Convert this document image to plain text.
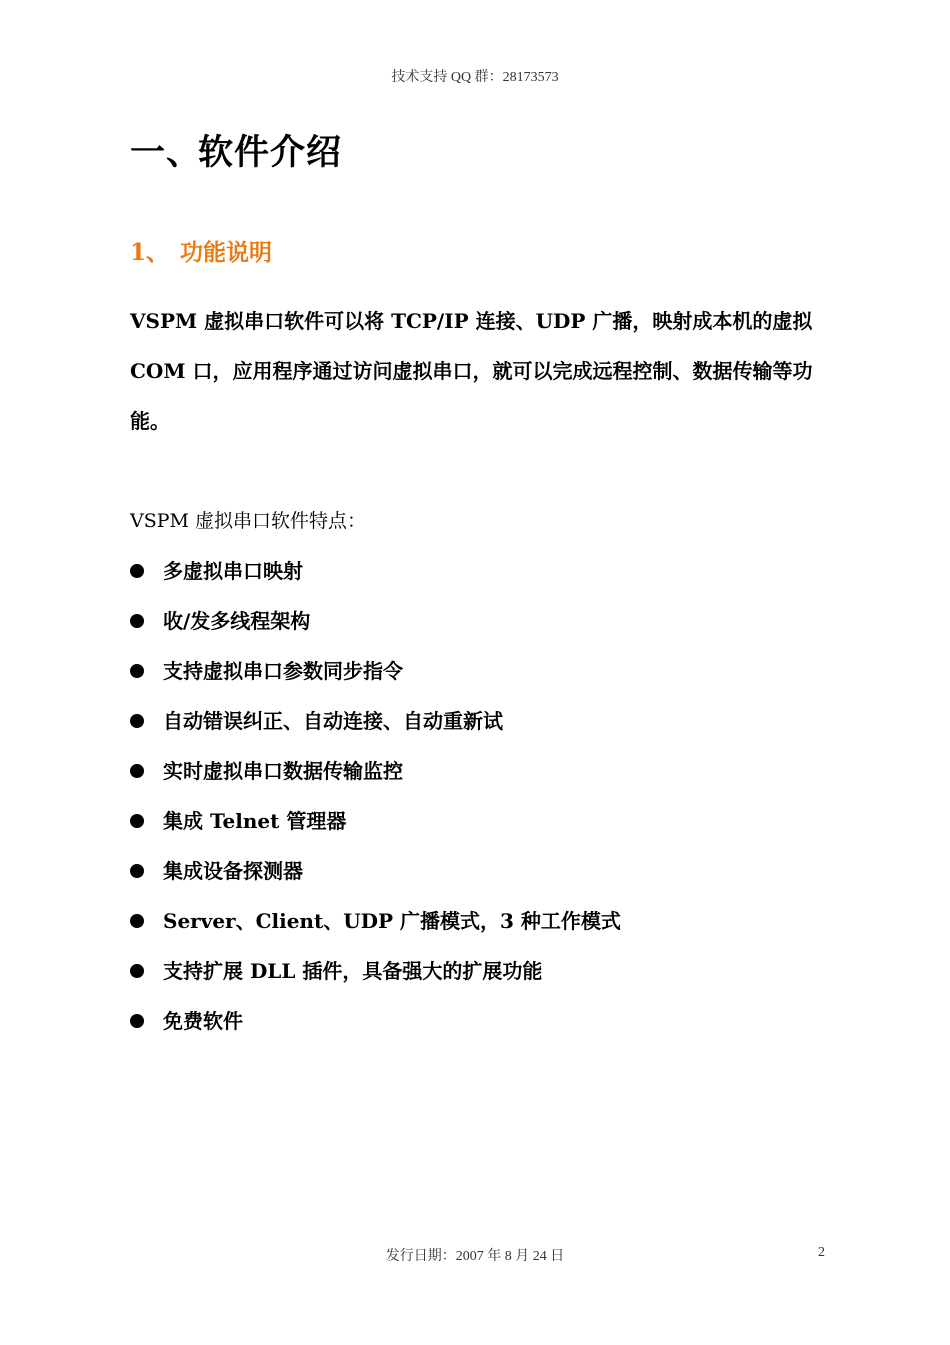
技术支持 QQ 群：28173573
一、软件介绍
1、 功能说明
VSPM 虚拟串口软件可以将 TCP/IP 连接、UDP 广播，映射成本机的虚拟 COM 口，应用程序通过访问虚拟串口，就可以完成远程控制、数据传输等功能。
VSPM 虚拟串口软件特点：
多虚拟串口映射
收/发多线程架构
支持虚拟串口参数同步指令
自动错误纠正、自动连接、自动重新试
实时虚拟串口数据传输监控
集成 Telnet 管理器
集成设备探测器
Server、Client、UDP 广播模式，3 种工作模式
支持扩展 DLL 插件，具备强大的扩展功能
免费软件
发行日期：2007 年 8 月 24 日	2
